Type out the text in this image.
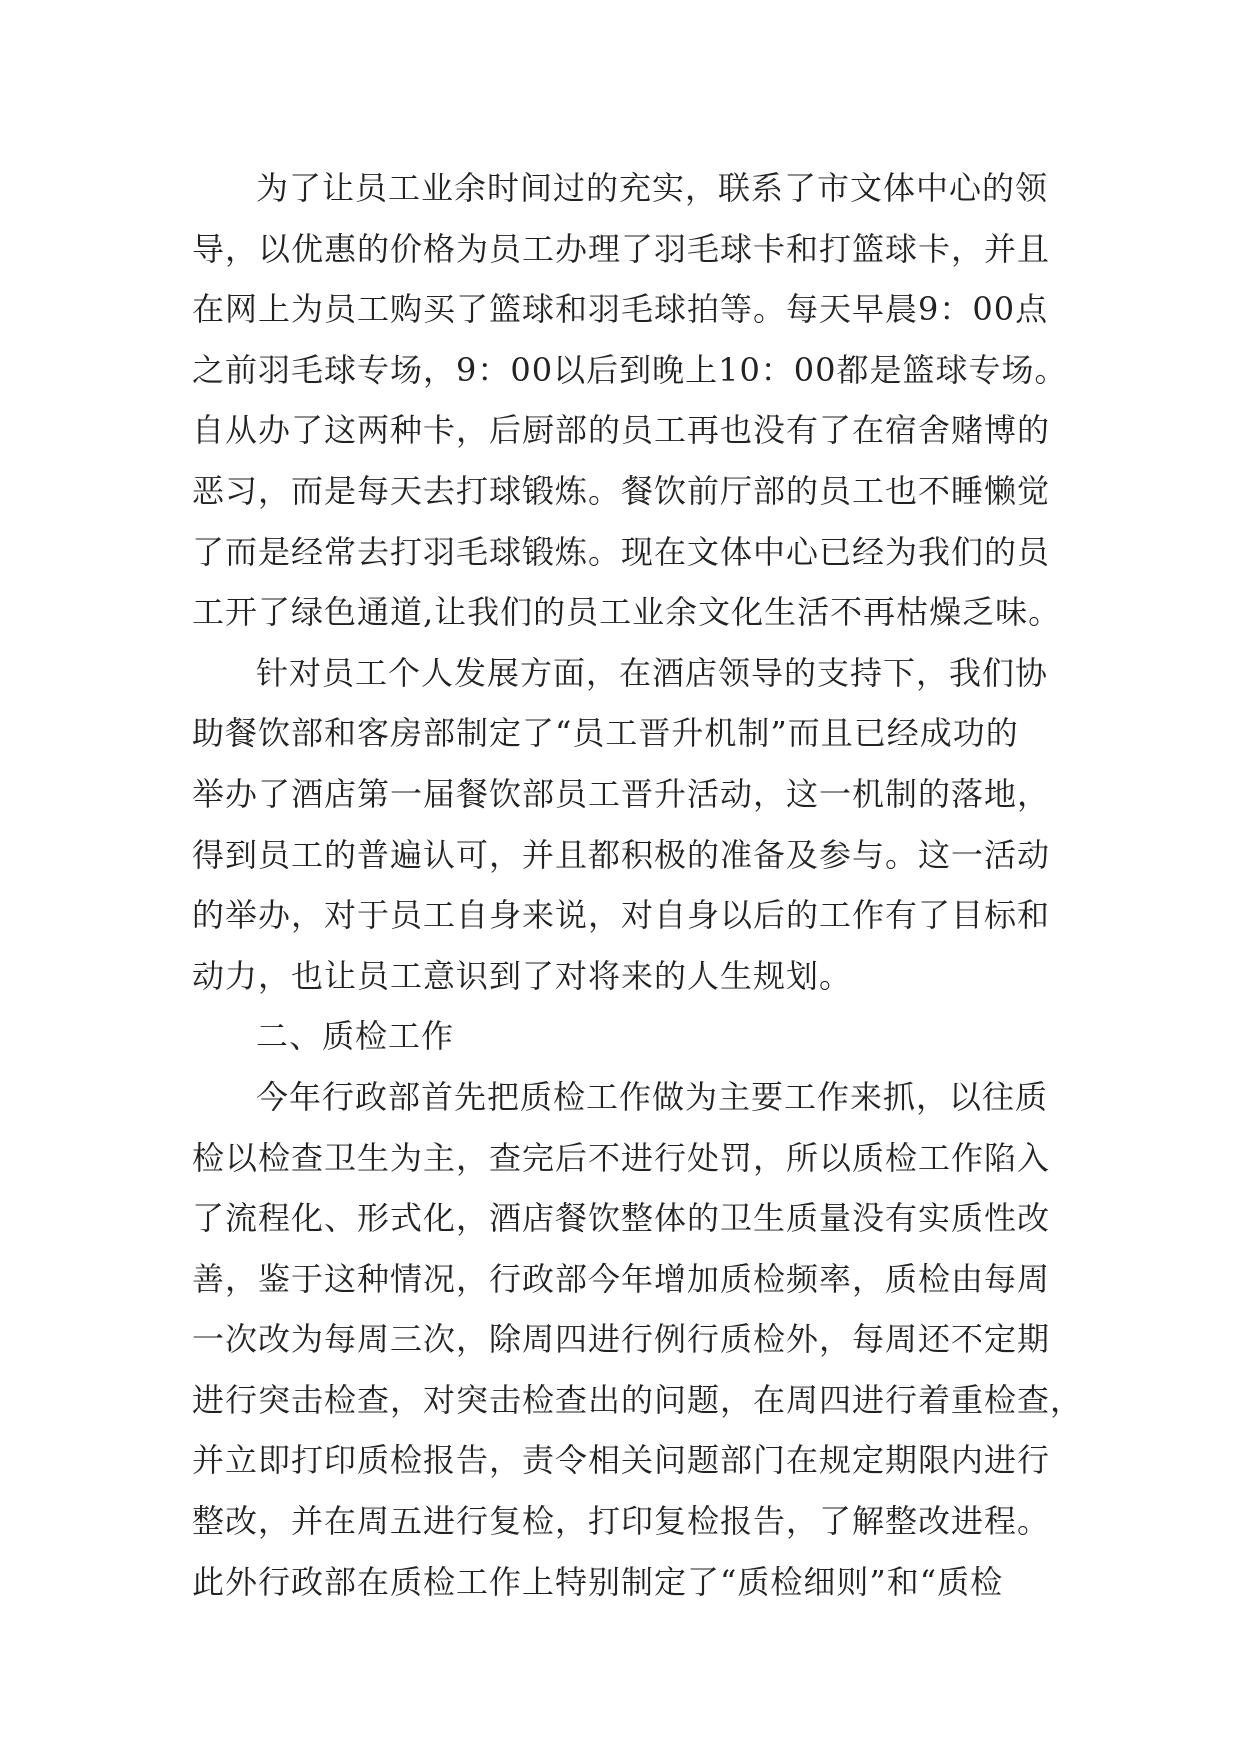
为了让员工业余时间过的充实，联系了市文体中心的领
导，以优惠的价格为员工办理了羽毛球卡和打篮球卡，并且
在网上为员工购买了篮球和羽毛球拍等。每天早晨9：00点
之前羽毛球专场，9：00以后到晚上10：00都是篮球专场。
自从办了这两种卡，后厨部的员工再也没有了在宿舍赌博的
恶习，而是每天去打球锻炼。餐饮前厅部的员工也不睡懒觉
了而是经常去打羽毛球锻炼。现在文体中心已经为我们的员
工开了绿色通道,让我们的员工业余文化生活不再枯燥乏味。
针对员工个人发展方面，在酒店领导的支持下，我们协
助餐饮部和客房部制定了“员工晋升机制”而且已经成功的
举办了酒店第一届餐饮部员工晋升活动，这一机制的落地，
得到员工的普遍认可，并且都积极的准备及参与。这一活动
的举办，对于员工自身来说，对自身以后的工作有了目标和
动力，也让员工意识到了对将来的人生规划。
二、质检工作
今年行政部首先把质检工作做为主要工作来抓，以往质
检以检查卫生为主，查完后不进行处罚，所以质检工作陷入
了流程化、形式化，酒店餐饮整体的卫生质量没有实质性改
善，鉴于这种情况，行政部今年增加质检频率，质检由每周
一次改为每周三次，除周四进行例行质检外，每周还不定期
进行突击检查，对突击检查出的问题，在周四进行着重检查，
并立即打印质检报告，责令相关问题部门在规定期限内进行
整改，并在周五进行复检，打印复检报告，了解整改进程。
此外行政部在质检工作上特别制定了“质检细则”和“质检
